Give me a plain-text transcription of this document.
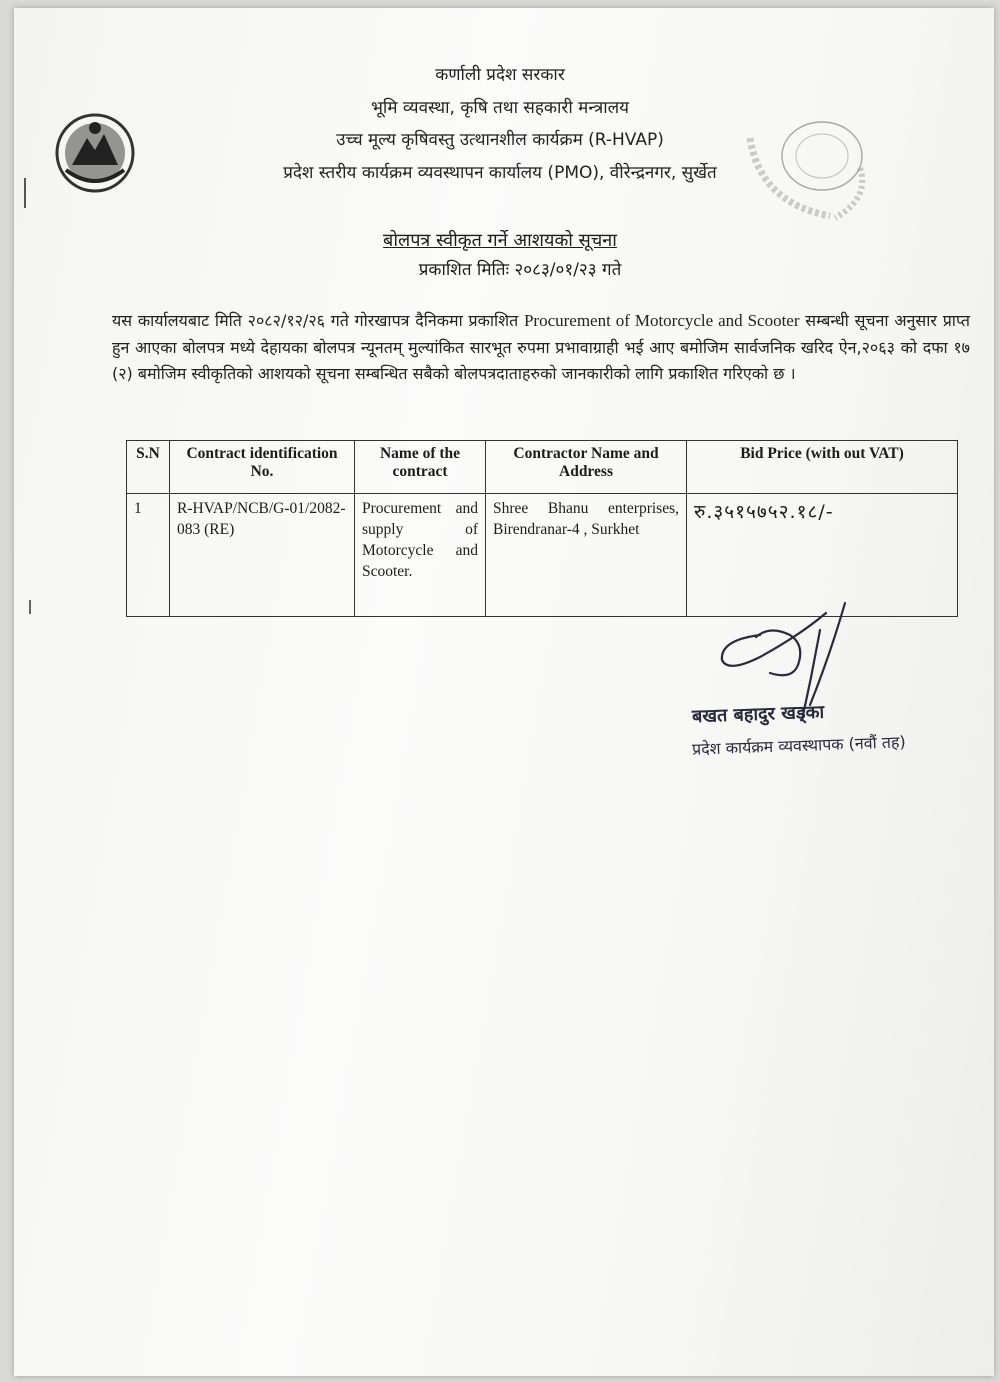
कर्णाली प्रदेश सरकार
भूमि व्यवस्था, कृषि तथा सहकारी मन्त्रालय
उच्च मूल्य कृषिवस्तु उत्थानशील कार्यक्रम (R-HVAP)
प्रदेश स्तरीय कार्यक्रम व्यवस्थापन कार्यालय (PMO), वीरेन्द्रनगर, सुर्खेत
बोलपत्र स्वीकृत गर्ने आशयको सूचना
प्रकाशित मितिः २०८३/०१/२३ गते
यस कार्यालयबाट मिति २०८२/१२/२६ गते गोरखापत्र दैनिकमा प्रकाशित Procurement of Motorcycle and Scooter सम्बन्धी सूचना अनुसार प्राप्त हुन आएका बोलपत्र मध्ये देहायका बोलपत्र न्यूनतम् मुल्यांकित सारभूत रुपमा प्रभावाग्राही भई आए बमोजिम सार्वजनिक खरिद ऐन,२०६३ को दफा १७ (२) बमोजिम स्वीकृतिको आशयको सूचना सम्बन्धित सबैको बोलपत्रदाताहरुको जानकारीको लागि प्रकाशित गरिएको छ ।
S.N	Contract identification No.	Name of the contract	Contractor Name and Address	Bid Price (with out VAT)
1	R-HVAP/NCB/G-01/2082-083 (RE)	Procurement and supply of Motorcycle and Scooter.	Shree Bhanu enterprises, Birendranar-4 , Surkhet	रु.३५१५७५२.१८/-
बखत बहादुर खड्का
प्रदेश कार्यक्रम व्यवस्थापक (नवौं तह)
